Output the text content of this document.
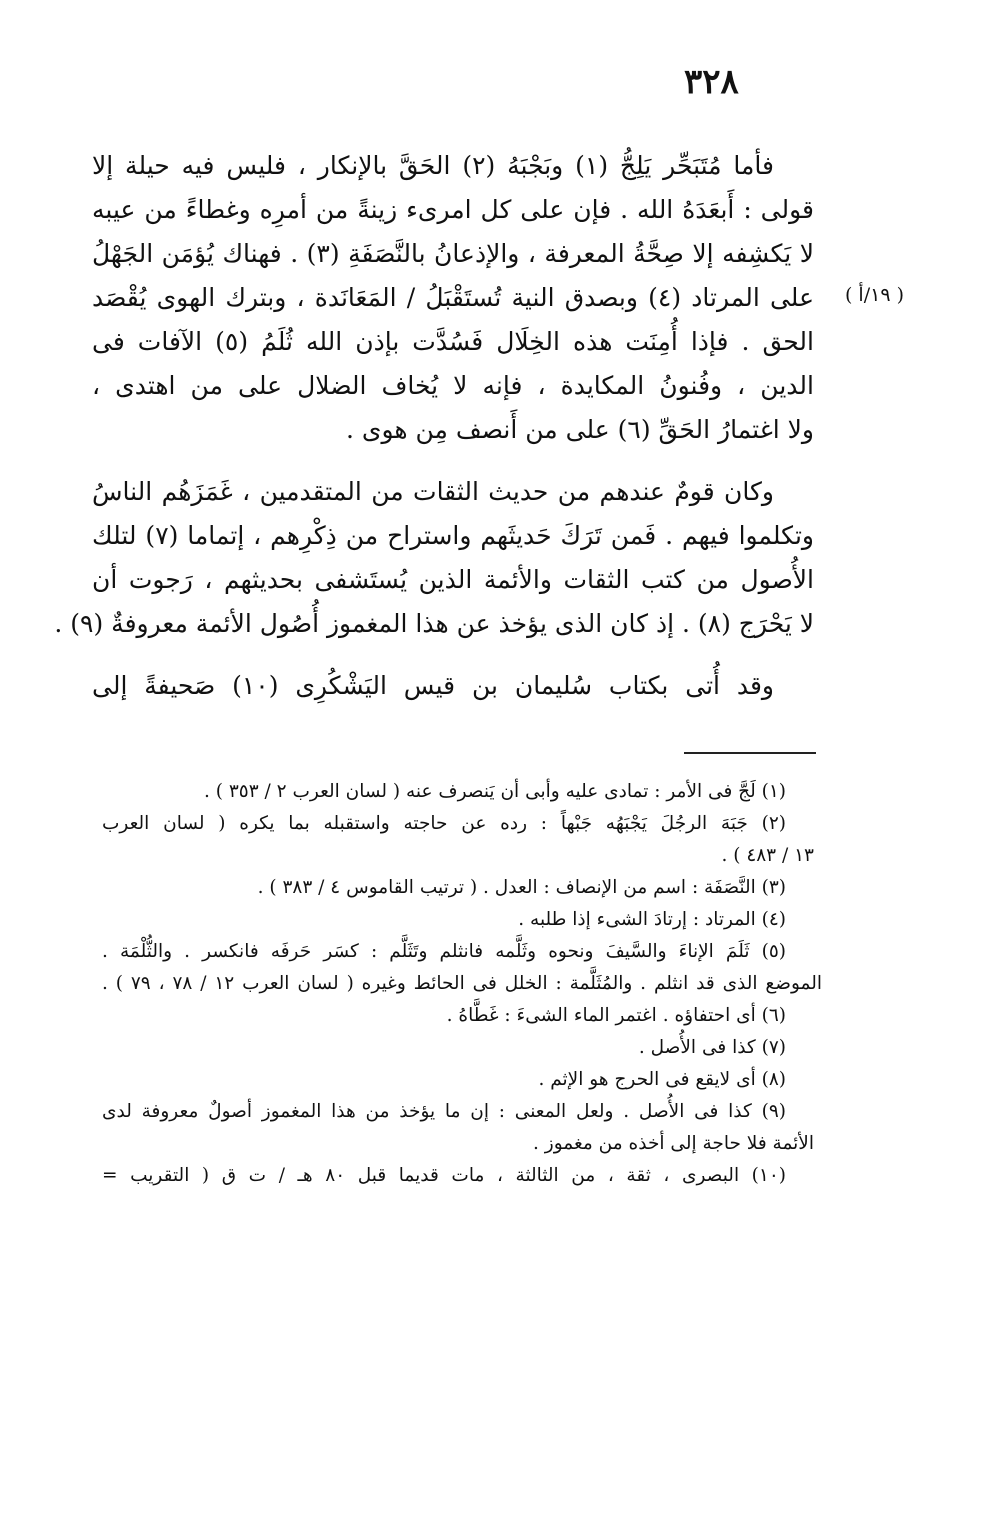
٣٢٨
( ١٩/أ )
فأما مُتَبَحِّر يَلِجُّ (١) وبَجْبَهُ (٢) الحَقَّ بالإنكار ، فليس فيه حيلة إلا
قولى : أَبعَدَهُ الله . فإن على كل امرىء زينةً من أمرِه وغطاءً من عيبه
لا يَكشِفه إلا صِحَّةُ المعرفة ، والإذعانُ بالنَّصَفَةِ (٣) . فهناك يُؤمَن الجَهْلُ
على المرتاد (٤) وبصدق النية تُستَقْبَلُ / المَعَانَدة ، وبترك الهوى يُقْصَد
الحق . فإذا أُمِنَت هذه الخِلَال فَسُدَّت بإذن الله ثُلَمُ (٥) الآفات فى
الدين ، وفُنونُ المكايدة ، فإنه لا يُخاف الضلال على من اهتدى ،
ولا اغتمارُ الحَقِّ (٦) على من أَنصف مِن هوى .
وكان قومٌ عندهم من حديث الثقات من المتقدمين ، غَمَزَهُم الناسُ
وتكلموا فيهم . فَمن تَرَكَ حَديثَهم واستراح من ذِكْرِهم ، إتماما (٧) لتلك
الأُصول من كتب الثقات والأئمة الذين يُستَشفى بحديثهم ، رَجوت أن
لا يَحْرَج (٨) . إذ كان الذى يؤخذ عن هذا المغموز أُصُول الأئمة معروفةٌ (٩) .
وقد أُتى بكتاب سُليمان بن قيس اليَشْكُرِى (١٠) صَحيفةً إلى
(١) لَجَّ فى الأمر : تمادى عليه وأبى أن يَنصرف عنه ( لسان العرب ٢ / ٣٥٣ ) .
(٢) جَبَهَ الرجُلَ يَجْبَهُه جَبْهاً : رده عن حاجته واستقبله بما يكره ( لسان العرب
١٣ / ٤٨٣ ) .
(٣) النَّصَفَة : اسم من الإنصاف : العدل . ( ترتيب القاموس ٤ / ٣٨٣ ) .
(٤) المرتاد : إرتادَ الشىء إذا طلبه .
(٥) ثَلَمَ الإناءَ والسَّيفَ ونحوه وثَلَّمه فانثلم وتَثَلَّم : كسَر حَرفَه فانكسر . والثُّلْمَة .
الموضع الذى قد انثلم . والمُثَلَّمة : الخلل فى الحائط وغيره ( لسان العرب ١٢ / ٧٨ ، ٧٩ ) .
(٦) أى احتفاؤه . اغتمر الماء الشىءَ : غَطَّاهُ .
(٧) كذا فى الأُصل .
(٨) أى لايقع فى الحرج هو الإثم .
(٩) كذا فى الأُصل . ولعل المعنى : إن ما يؤخذ من هذا المغموز أصولٌ معروفة لدى
الأئمة فلا حاجة إلى أخذه من مغموز .
(١٠) البصرى ، ثقة ، من الثالثة ، مات قديما قبل ٨٠ هـ / ت ق ( التقريب =
